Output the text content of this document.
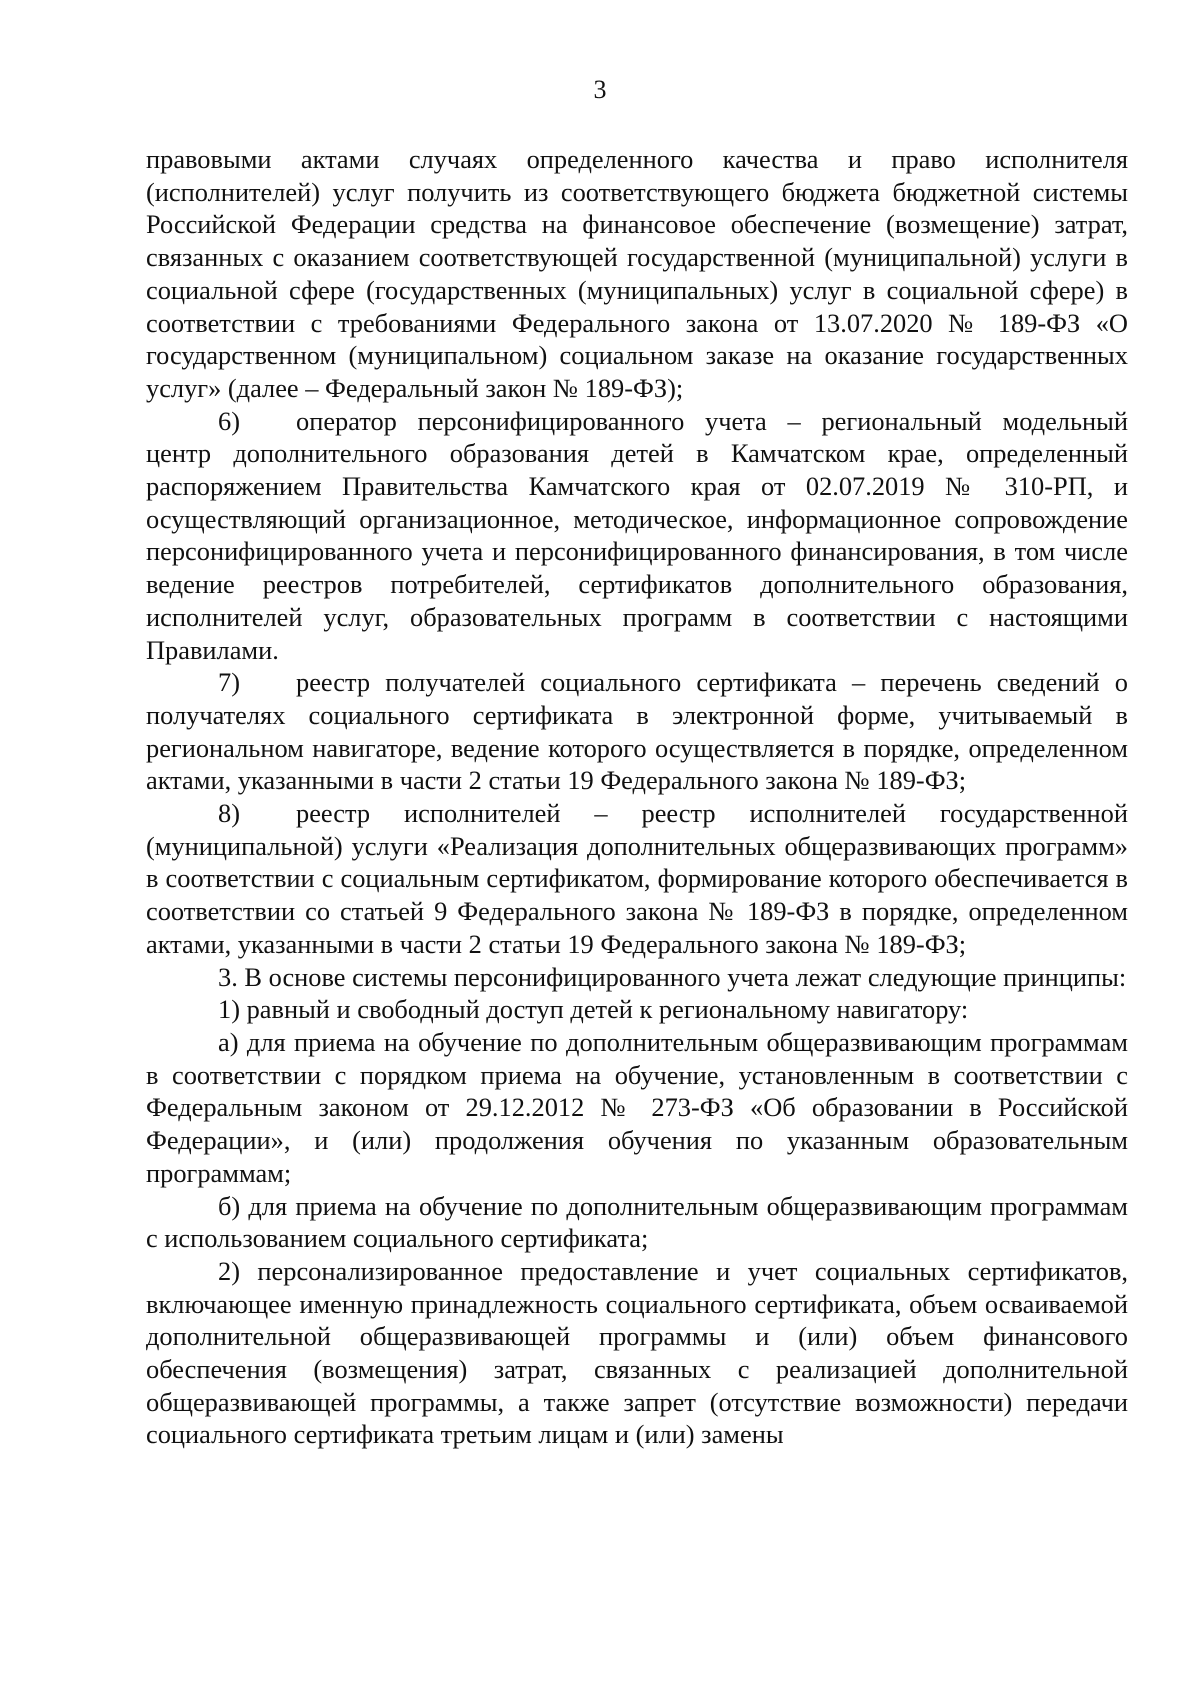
3

правовыми актами случаях определенного качества и право исполнителя (исполнителей) услуг получить из соответствующего бюджета бюджетной системы Российской Федерации средства на финансовое обеспечение (возмещение) затрат, связанных с оказанием соответствующей государственной (муниципальной) услуги в социальной сфере (государственных (муниципальных) услуг в социальной сфере) в соответствии с требованиями Федерального закона от 13.07.2020 № 189-ФЗ «О государственном (муниципальном) социальном заказе на оказание государственных услуг» (далее – Федеральный закон № 189-ФЗ);

6) оператор персонифицированного учета – региональный модельный центр дополнительного образования детей в Камчатском крае, определенный распоряжением Правительства Камчатского края от 02.07.2019 № 310-РП, и осуществляющий организационное, методическое, информационное сопровождение персонифицированного учета и персонифицированного финансирования, в том числе ведение реестров потребителей, сертификатов дополнительного образования, исполнителей услуг, образовательных программ в соответствии с настоящими Правилами.

7) реестр получателей социального сертификата – перечень сведений о получателях социального сертификата в электронной форме, учитываемый в региональном навигаторе, ведение которого осуществляется в порядке, определенном актами, указанными в части 2 статьи 19 Федерального закона № 189-ФЗ;

8) реестр исполнителей – реестр исполнителей государственной (муниципальной) услуги «Реализация дополнительных общеразвивающих программ» в соответствии с социальным сертификатом, формирование которого обеспечивается в соответствии со статьей 9 Федерального закона № 189-ФЗ в порядке, определенном актами, указанными в части 2 статьи 19 Федерального закона № 189-ФЗ;

3. В основе системы персонифицированного учета лежат следующие принципы:

1) равный и свободный доступ детей к региональному навигатору:

а) для приема на обучение по дополнительным общеразвивающим программам в соответствии с порядком приема на обучение, установленным в соответствии с Федеральным законом от 29.12.2012 № 273-ФЗ «Об образовании в Российской Федерации», и (или) продолжения обучения по указанным образовательным программам;

б) для приема на обучение по дополнительным общеразвивающим программам с использованием социального сертификата;

2) персонализированное предоставление и учет социальных сертификатов, включающее именную принадлежность социального сертификата, объем осваиваемой дополнительной общеразвивающей программы и (или) объем финансового обеспечения (возмещения) затрат, связанных с реализацией дополнительной общеразвивающей программы, а также запрет (отсутствие возможности) передачи социального сертификата третьим лицам и (или) замены
